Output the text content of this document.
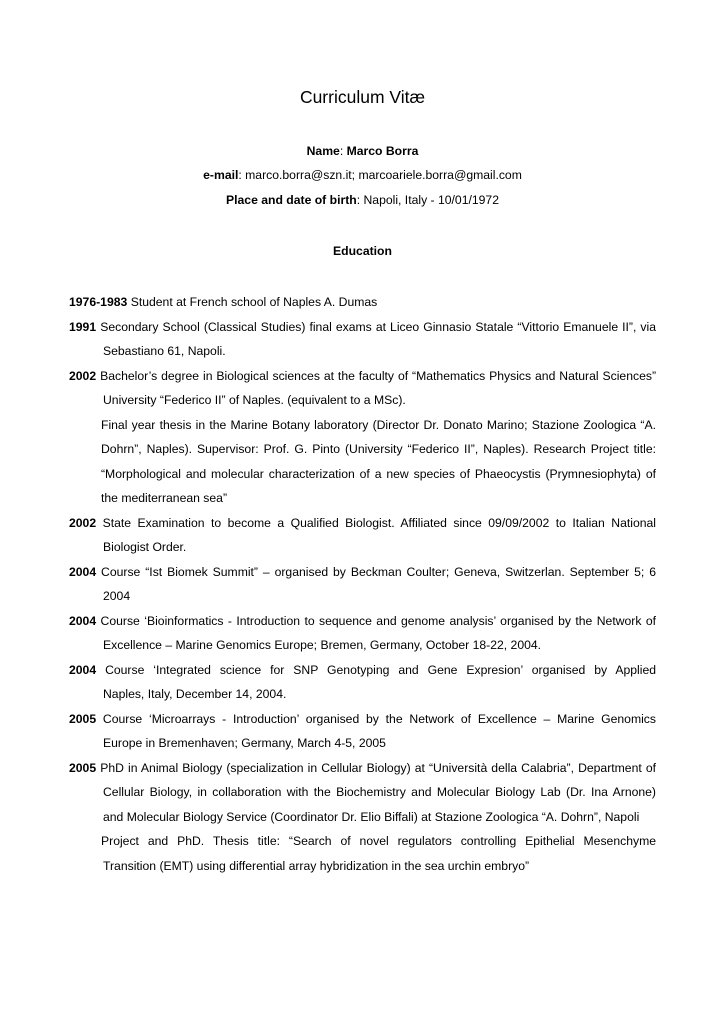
Curriculum Vitæ
Name: Marco Borra
e-mail: marco.borra@szn.it; marcoariele.borra@gmail.com
Place and date of birth: Napoli, Italy - 10/01/1972
Education
1976-1983 Student at French school of Naples A. Dumas
1991 Secondary School (Classical Studies) final exams at Liceo Ginnasio Statale “Vittorio Emanuele II”, via
Sebastiano 61, Napoli.
2002 Bachelor’s degree in Biological sciences at the faculty of “Mathematics Physics and Natural Sciences”
University “Federico II” of Naples. (equivalent to a MSc).
Final year thesis in the Marine Botany laboratory (Director Dr. Donato Marino; Stazione Zoologica “A.
Dohrn”, Naples). Supervisor: Prof. G. Pinto (University “Federico II”, Naples). Research Project title:
“Morphological and molecular characterization of a new species of Phaeocystis (Prymnesiophyta) of
the mediterranean sea”
2002 State Examination to become a Qualified Biologist. Affiliated since 09/09/2002 to Italian National
Biologist Order.
2004 Course “Ist Biomek Summit” – organised by Beckman Coulter; Geneva, Switzerlan. September 5; 6
2004
2004 Course ‘Bioinformatics - Introduction to sequence and genome analysis’ organised by the Network of
Excellence – Marine Genomics Europe; Bremen, Germany, October 18-22, 2004.
2004 Course ‘Integrated science for SNP Genotyping and Gene Expresion’ organised by Applied
Naples, Italy, December 14, 2004.
2005 Course ‘Microarrays - Introduction’ organised by the Network of Excellence – Marine Genomics
Europe in Bremenhaven; Germany, March 4-5, 2005
2005 PhD in Animal Biology (specialization in Cellular Biology) at “Università della Calabria”, Department of
Cellular Biology, in collaboration with the Biochemistry and Molecular Biology Lab (Dr. Ina Arnone)
and Molecular Biology Service (Coordinator Dr. Elio Biffali) at Stazione Zoologica “A. Dohrn”, Napoli
Project and PhD. Thesis title: “Search of novel regulators controlling Epithelial Mesenchyme
Transition (EMT) using differential array hybridization in the sea urchin embryo”
